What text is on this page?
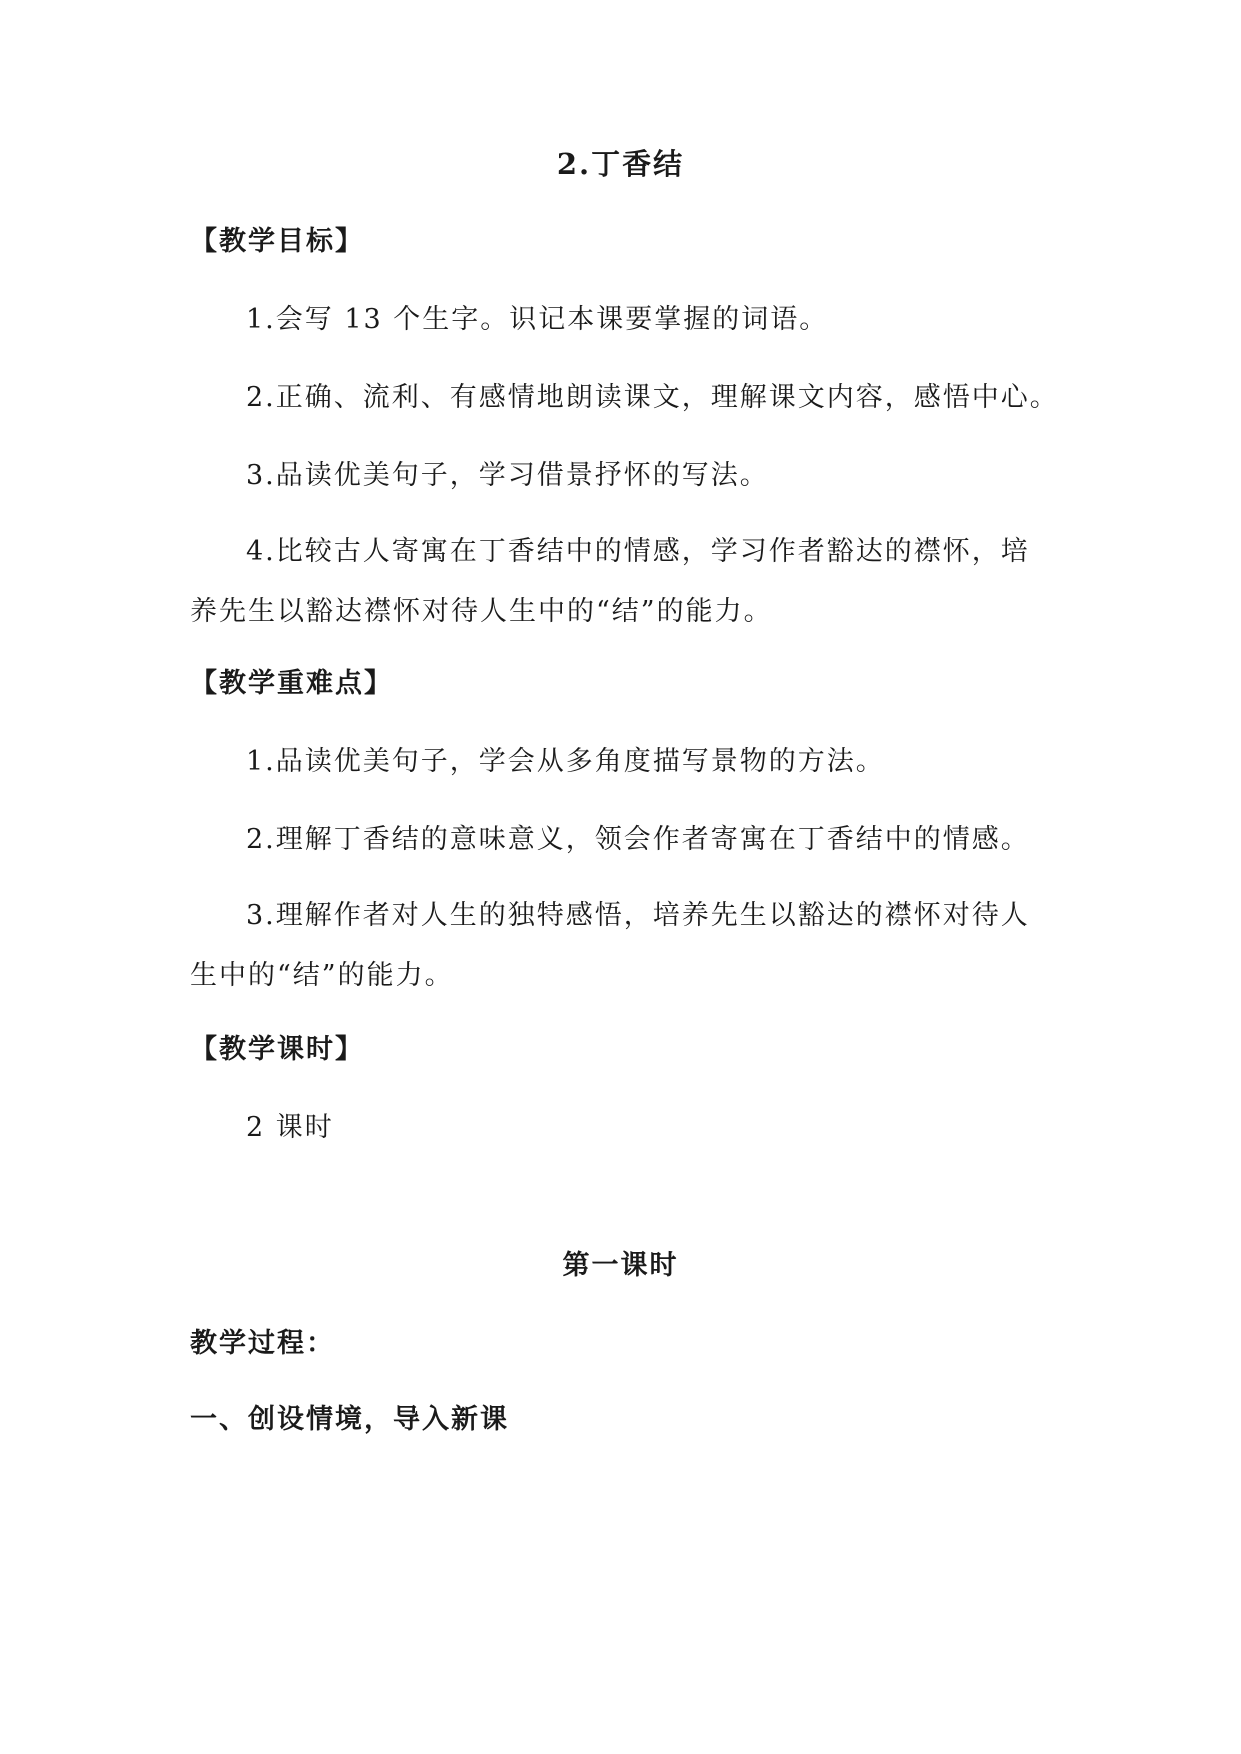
2.丁香结
【教学目标】
1.会写 13 个生字。识记本课要掌握的词语。
2.正确、流利、有感情地朗读课文，理解课文内容，感悟中心。
3.品读优美句子，学习借景抒怀的写法。
4.比较古人寄寓在丁香结中的情感，学习作者豁达的襟怀，培
养先生以豁达襟怀对待人生中的“结”的能力。
【教学重难点】
1.品读优美句子，学会从多角度描写景物的方法。
2.理解丁香结的意味意义，领会作者寄寓在丁香结中的情感。
3.理解作者对人生的独特感悟，培养先生以豁达的襟怀对待人
生中的“结”的能力。
【教学课时】
2 课时
第一课时
教学过程：
一、创设情境，导入新课
